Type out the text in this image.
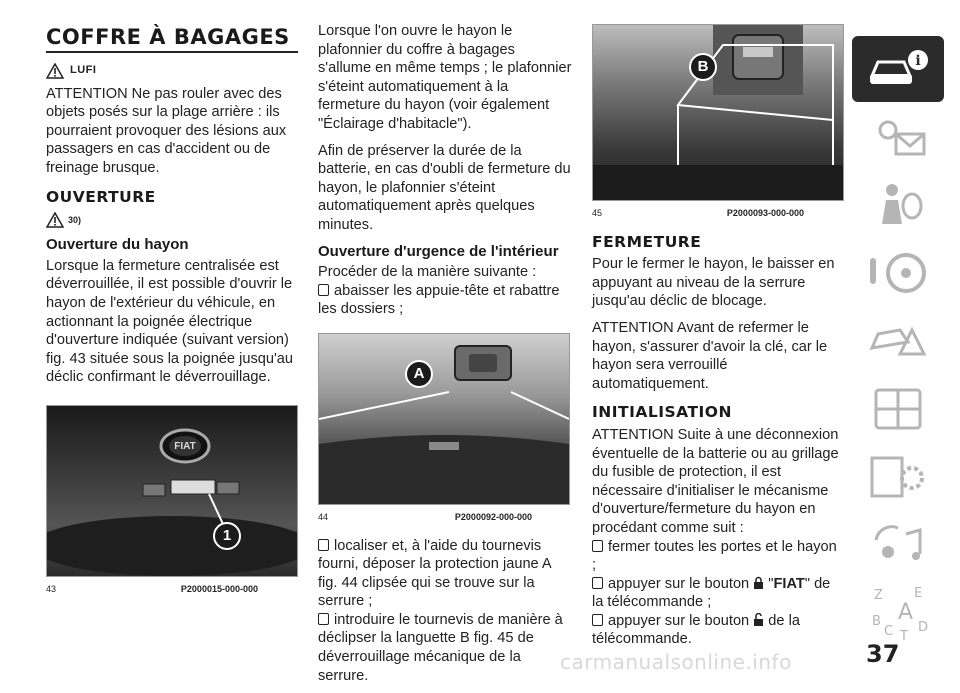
COFFRE À BAGAGES
LUFI

ATTENTION Ne pas rouler avec des objets posés sur la plage arrière : ils pourraient provoquer des lésions aux passagers en cas d'accident ou de freinage brusque.

OUVERTURE
30)
Ouverture du hayon

Lorsque la fermeture centralisée est déverrouillée, il est possible d'ouvrir le hayon de l'extérieur du véhicule, en actionnant la poignée électrique d'ouverture indiquée (suivant version) fig. 43 située sous la poignée jusqu'au déclic confirmant le déverrouillage.

1
FIAT
43	P2000015-000-000

Lorsque l'on ouvre le hayon le plafonnier du coffre à bagages s'allume en même temps ; le plafonnier s'éteint automatiquement à la fermeture du hayon (voir également "Éclairage d'habitacle").

Afin de préserver la durée de la batterie, en cas d'oubli de fermeture du hayon, le plafonnier s'éteint automatiquement après quelques minutes.

Ouverture d'urgence de l'intérieur

Procéder de la manière suivante :

abaisser les appuie-tête et rabattre les dossiers ;

A
44	P2000092-000-000

localiser et, à l'aide du tournevis fourni, déposer la protection jaune A fig. 44 clipsée qui se trouve sur la serrure ;

introduire le tournevis de manière à déclipser la languette B fig. 45 de déverrouillage mécanique de la serrure.

B
45	P2000093-000-000
FERMETURE

Pour le fermer le hayon, le baisser en appuyant au niveau de la serrure jusqu'au déclic de blocage.

ATTENTION Avant de refermer le hayon, s'assurer d'avoir la clé, car le hayon sera verrouillé automatiquement.

INITIALISATION

ATTENTION Suite à une déconnexion éventuelle de la batterie ou au grillage du fusible de protection, il est nécessaire d'initialiser le mécanisme d'ouverture/fermeture du hayon en procédant comme suit :

fermer toutes les portes et le hayon ;

appuyer sur le bouton "FIAT" de la télécommande ;

appuyer sur le bouton de la télécommande.

i
Z E
A
B
C D
T
carmanualsonline.info	37
